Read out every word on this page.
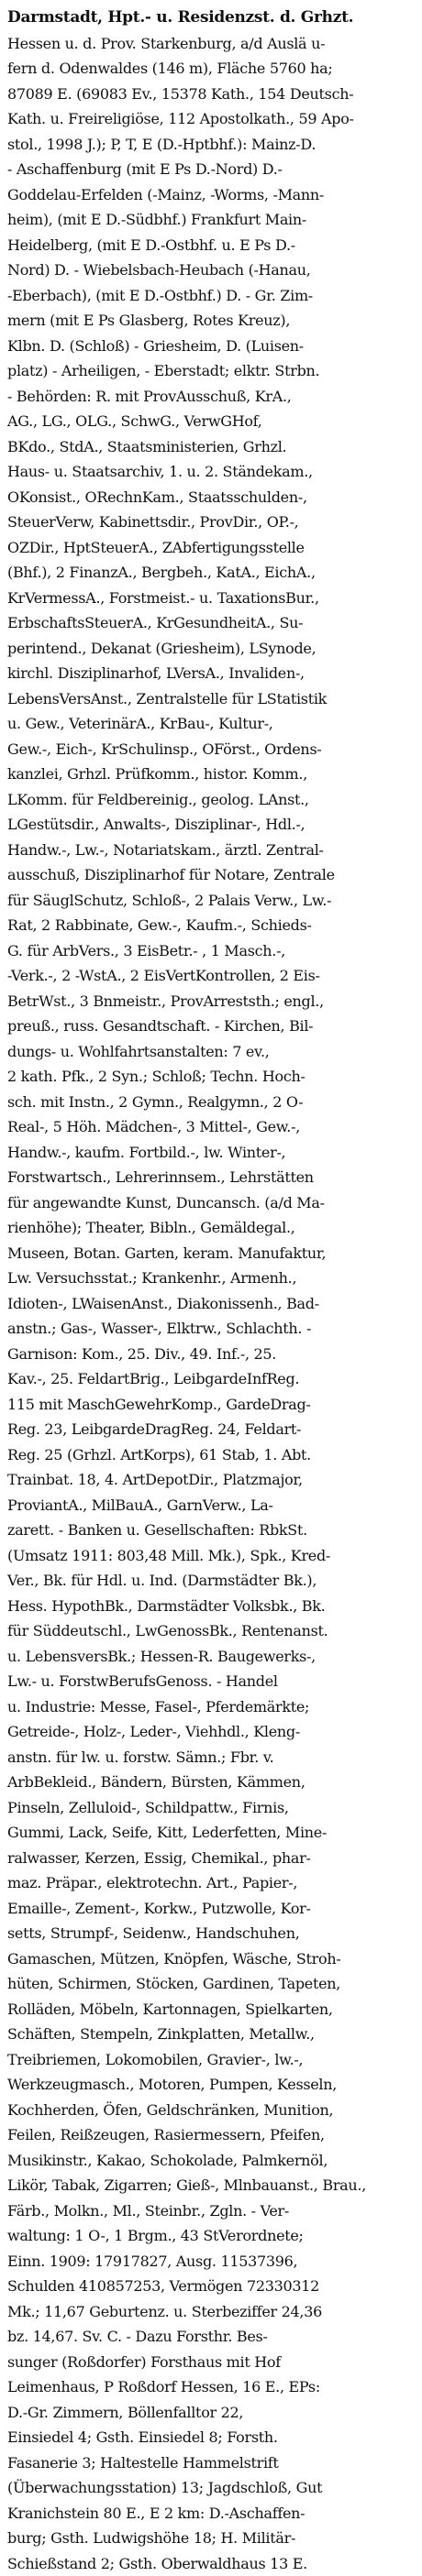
Darmstadt, Hpt.- u. Residenzst. d. Grhzt.
Hessen u. d. Prov. Starkenburg, a/d Auslä u-
fern d. Odenwaldes (146 m), Fläche 5760 ha;
87089 E. (69083 Ev., 15378 Kath., 154 Deutsch-
Kath. u. Freireligiöse, 112 Apostolkath., 59 Apo-
stol., 1998 J.); P, T, E (D.-Hptbhf.): Mainz-D.
- Aschaffenburg (mit E Ps D.-Nord) D.-
Goddelau-Erfelden (-Mainz, -Worms, -Mann-
heim), (mit E D.-Südbhf.) Frankfurt Main-
Heidelberg, (mit E D.-Ostbhf. u. E Ps D.-
Nord) D. - Wiebelsbach-Heubach (-Hanau,
-Eberbach), (mit E D.-Ostbhf.) D. - Gr. Zim-
mern (mit E Ps Glasberg, Rotes Kreuz),
Klbn. D. (Schloß) - Griesheim, D. (Luisen-
platz) - Arheiligen, - Eberstadt; elktr. Strbn.
- Behörden: R. mit ProvAusschuß, KrA.,
AG., LG., OLG., SchwG., VerwGHof,
BKdo., StdA., Staatsministerien, Grhzl.
Haus- u. Staatsarchiv, 1. u. 2. Ständekam.,
OKonsist., ORechnKam., Staatsschulden-,
SteuerVerw, Kabinettsdir., ProvDir., OP.-,
OZDir., HptSteuerA., ZAbfertigungsstelle
(Bhf.), 2 FinanzA., Bergbeh., KatA., EichA.,
KrVermessA., Forstmeist.- u. TaxationsBur.,
ErbschaftsSteuerA., KrGesundheitA., Su-
perintend., Dekanat (Griesheim), LSynode,
kirchl. Disziplinarhof, LVersA., Invaliden-,
LebensVersAnst., Zentralstelle für LStatistik
u. Gew., VeterinärA., KrBau-, Kultur-,
Gew.-, Eich-, KrSchulinsp., OFörst., Ordens-
kanzlei, Grhzl. Prüfkomm., histor. Komm.,
LKomm. für Feldbereinig., geolog. LAnst.,
LGestütsdir., Anwalts-, Disziplinar-, Hdl.-,
Handw.-, Lw.-, Notariatskam., ärztl. Zentral-
ausschuß, Disziplinarhof für Notare, Zentrale
für SäuglSchutz, Schloß-, 2 Palais Verw., Lw.-
Rat, 2 Rabbinate, Gew.-, Kaufm.-, Schieds-
G. für ArbVers., 3 EisBetr.- , 1 Masch.-,
-Verk.-, 2 -WstA., 2 EisVertKontrollen, 2 Eis-
BetrWst., 3 Bnmeistr., ProvArreststh.; engl.,
preuß., russ. Gesandtschaft. - Kirchen, Bil-
dungs- u. Wohlfahrtsanstalten: 7 ev.,
2 kath. Pfk., 2 Syn.; Schloß; Techn. Hoch-
sch. mit Instn., 2 Gymn., Realgymn., 2 O-
Real-, 5 Höh. Mädchen-, 3 Mittel-, Gew.-,
Handw.-, kaufm. Fortbild.-, lw. Winter-,
Forstwartsch., Lehrerinnsem., Lehrstätten
für angewandte Kunst, Duncansch. (a/d Ma-
rienhöhe); Theater, Bibln., Gemäldegal.,
Museen, Botan. Garten, keram. Manufaktur,
Lw. Versuchsstat.; Krankenhr., Armenh.,
Idioten-, LWaisenAnst., Diakonissenh., Bad-
anstn.; Gas-, Wasser-, Elktrw., Schlachth. -
Garnison: Kom., 25. Div., 49. Inf.-, 25.
Kav.-, 25. FeldartBrig., LeibgardeInfReg.
115 mit MaschGewehrKomp., GardeDrag-
Reg. 23, LeibgardeDragReg. 24, Feldart-
Reg. 25 (Grhzl. ArtKorps), 61 Stab, 1. Abt.
Trainbat. 18, 4. ArtDepotDir., Platzmajor,
ProviantA., MilBauA., GarnVerw., La-
zarett. - Banken u. Gesellschaften: RbkSt.
(Umsatz 1911: 803,48 Mill. Mk.), Spk., Kred-
Ver., Bk. für Hdl. u. Ind. (Darmstädter Bk.),
Hess. HypothBk., Darmstädter Volksbk., Bk.
für Süddeutschl., LwGenossBk., Rentenanst.
u. LebensversBk.; Hessen-R. Baugewerks-,
Lw.- u. ForstwBerufsGenoss. - Handel
u. Industrie: Messe, Fasel-, Pferdemärkte;
Getreide-, Holz-, Leder-, Viehhdl., Kleng-
anstn. für lw. u. forstw. Sämn.; Fbr. v.
ArbBekleid., Bändern, Bürsten, Kämmen,
Pinseln, Zelluloid-, Schildpattw., Firnis,
Gummi, Lack, Seife, Kitt, Lederfetten, Mine-
ralwasser, Kerzen, Essig, Chemikal., phar-
maz. Präpar., elektrotechn. Art., Papier-,
Emaille-, Zement-, Korkw., Putzwolle, Kor-
setts, Strumpf-, Seidenw., Handschuhen,
Gamaschen, Mützen, Knöpfen, Wäsche, Stroh-
hüten, Schirmen, Stöcken, Gardinen, Tapeten,
Rolläden, Möbeln, Kartonnagen, Spielkarten,
Schäften, Stempeln, Zinkplatten, Metallw.,
Treibriemen, Lokomobilen, Gravier-, lw.-,
Werkzeugmasch., Motoren, Pumpen, Kesseln,
Kochherden, Öfen, Geldschränken, Munition,
Feilen, Reißzeugen, Rasiermessern, Pfeifen,
Musikinstr., Kakao, Schokolade, Palmkernöl,
Likör, Tabak, Zigarren; Gieß-, Mlnbauanst., Brau.,
Färb., Molkn., Ml., Steinbr., Zgln. - Ver-
waltung: 1 O-, 1 Brgm., 43 StVerordnete;
Einn. 1909: 17917827, Ausg. 11537396,
Schulden 410857253, Vermögen 72330312
Mk.; 11,67 Geburtenz. u. Sterbeziffer 24,36
bz. 14,67. Sv. C. - Dazu Forsthr. Bes-
sunger (Roßdorfer) Forsthaus mit Hof
Leimenhaus, P Roßdorf Hessen, 16 E., EPs:
D.-Gr. Zimmern, Böllenfalltor 22,
Einsiedel 4; Gsth. Einsiedel 8; Forsth.
Fasanerie 3; Haltestelle Hammelstrift
(Überwachungsstation) 13; Jagdschloß, Gut
Kranichstein 80 E., E 2 km: D.-Aschaffen-
burg; Gsth. Ludwigshöhe 18; H. Militär-
Schießstand 2; Gsth. Oberwaldhaus 13 E.
